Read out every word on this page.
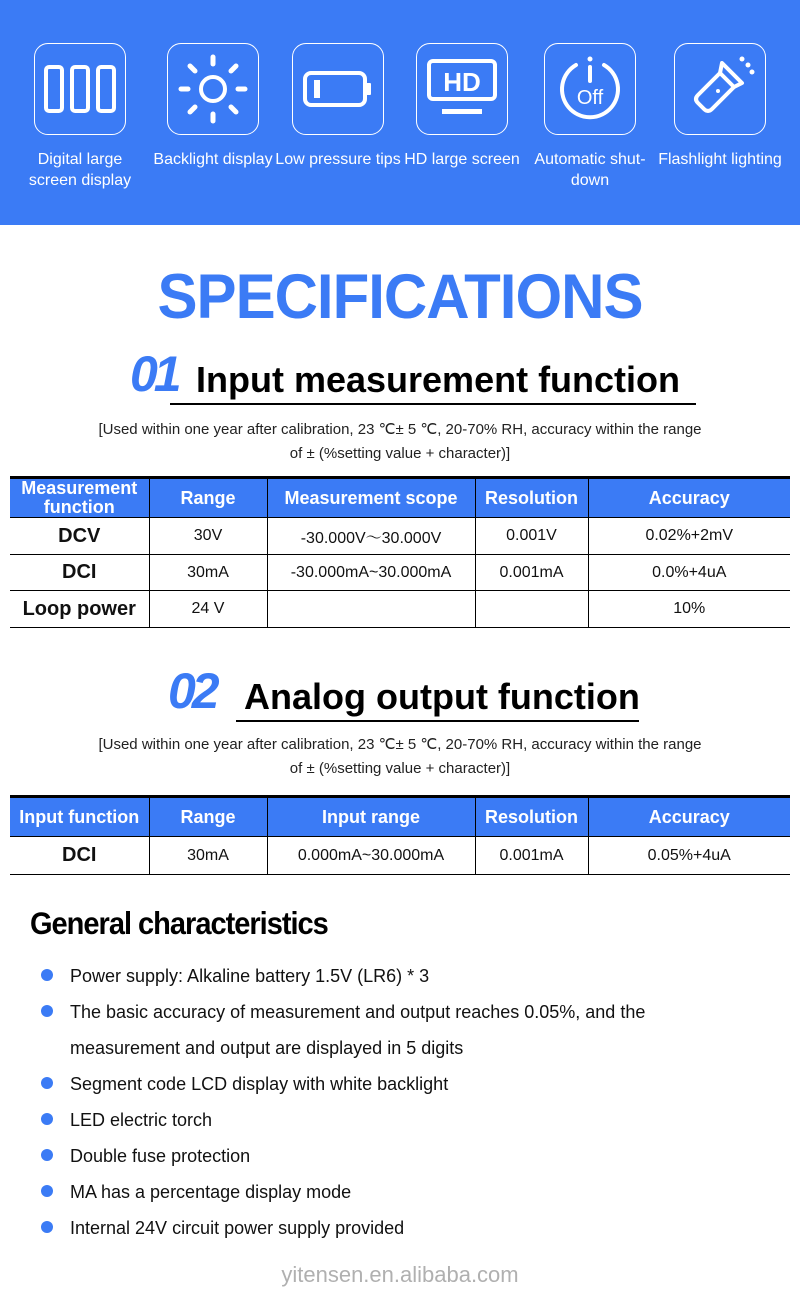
Digital large screen display
Backlight display Low pressure tips
HD
HD large screen
Off
Automatic shut-down
Flashlight lighting
SPECIFICATIONS
01 Input measurement function
[Used within one year after calibration, 23 ℃± 5 ℃, 20-70% RH, accuracy within the range
of ± (%setting value + character)]
Measurement function	Range	Measurement scope	Resolution	Accuracy
DCV	30V	-30.000V～30.000V	0.001V	0.02%+2mV
DCI	30mA	-30.000mA~30.000mA	0.001mA	0.0%+4uA
Loop power	24 V			10%
02 Analog output function
[Used within one year after calibration, 23 ℃± 5 ℃, 20-70% RH, accuracy within the range
of ± (%setting value + character)]
Input function	Range	Input range	Resolution	Accuracy
DCI	30mA	0.000mA~30.000mA	0.001mA	0.05%+4uA
General characteristics
Power supply: Alkaline battery 1.5V (LR6) * 3
The basic accuracy of measurement and output reaches 0.05%, and the measurement and output are displayed in 5 digits
Segment code LCD display with white backlight
LED electric torch
Double fuse protection
MA has a percentage display mode
Internal 24V circuit power supply provided
yitensen.en.alibaba.com
